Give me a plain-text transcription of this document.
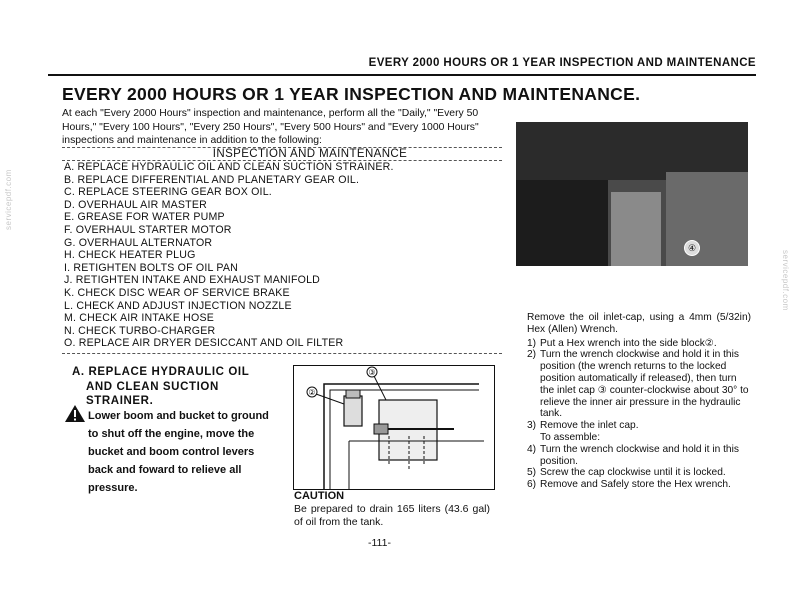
EVERY 2000 HOURS OR 1 YEAR INSPECTION AND MAINTENANCE
EVERY 2000 HOURS OR 1 YEAR INSPECTION AND MAINTENANCE.
At each "Every 2000 Hours" inspection and maintenance, perform all the "Daily," "Every 50 Hours," "Every 100 Hours", "Every 250 Hours", "Every 500 Hours" and "Every 1000 Hours" inspections and maintenance in addition to the following:
④
INSPECTION AND MAINTENANCE
A. REPLACE HYDRAULIC OIL AND CLEAN SUCTION STRAINER.
B. REPLACE DIFFERENTIAL AND PLANETARY GEAR OIL.
C. REPLACE STEERING GEAR BOX OIL.
D. OVERHAUL AIR MASTER
E. GREASE FOR WATER PUMP
F. OVERHAUL STARTER MOTOR
G. OVERHAUL ALTERNATOR
H. CHECK HEATER PLUG
I. RETIGHTEN BOLTS OF OIL PAN
J. RETIGHTEN INTAKE AND EXHAUST MANIFOLD
K. CHECK DISC WEAR OF SERVICE BRAKE
L. CHECK AND ADJUST INJECTION NOZZLE
M. CHECK AIR INTAKE HOSE
N. CHECK TURBO-CHARGER
O. REPLACE AIR DRYER DESICCANT AND OIL FILTER
A. REPLACE HYDRAULIC OIL
AND CLEAN SUCTION
STRAINER.
Lower boom and bucket to ground to shut off the engine, move the bucket and boom control levers back and foward to relieve all pressure.
②
③
CAUTION
Be prepared to drain 165 liters (43.6 gal) of oil from the tank.
-111-
Remove the oil inlet-cap, using a 4mm (5/32in) Hex (Allen) Wrench.
1) Put a Hex wrench into the side block②.
2) Turn the wrench clockwise and hold it in this position (the wrench returns to the locked position automatically if released), then turn the inlet cap ③ counter-clockwise about 30° to relieve the inner air pressure in the hydraulic tank.
3) Remove the inlet cap.
To assemble:
4) Turn the wrench clockwise and hold it in this position.
5) Screw the cap clockwise until it is locked.
6) Remove and Safely store the Hex wrench.
servicepdf.com
servicepdf.com
